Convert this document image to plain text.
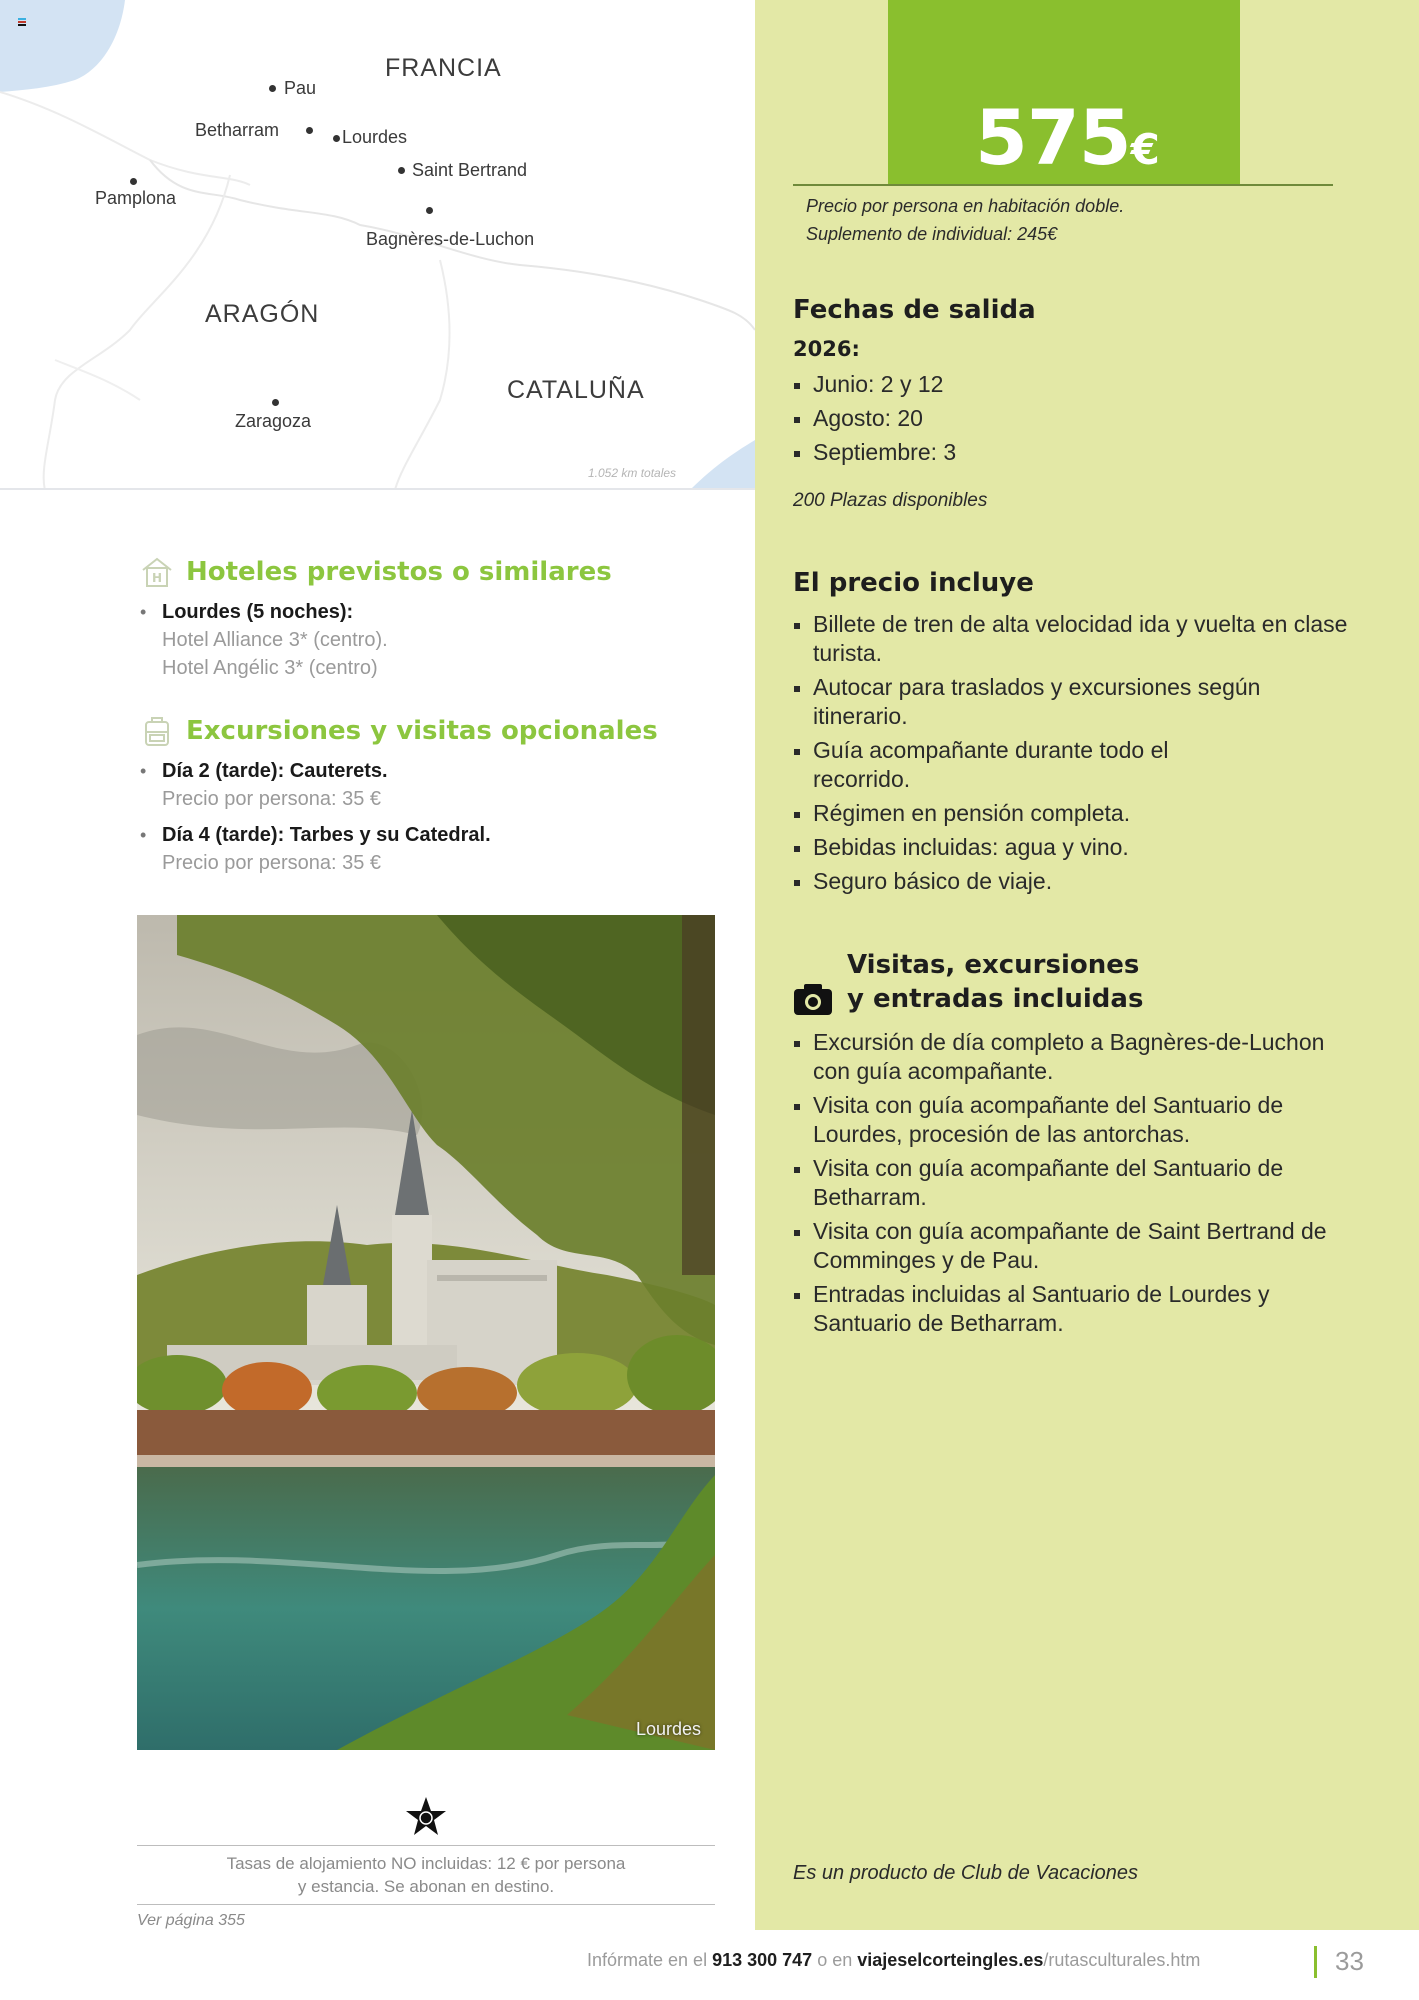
FRANCIA
ARAGÓN
CATALUÑA
Pau
Betharram	Lourdes
Saint Bertrand
Pamplona
Bagnères-de-Luchon
Zaragoza
1.052 km totales
575€
Precio por persona en habitación doble.
Suplemento de individual: 245€
Fechas de salida
2026:
Junio: 2 y 12
Agosto: 20
Septiembre: 3
200 Plazas disponibles
El precio incluye
Billete de tren de alta velocidad ida y vuelta en clase turista.
Autocar para traslados y excursiones según itinerario.
Guía acompañante durante todo el recorrido.
Régimen en pensión completa.
Bebidas incluidas: agua y vino.
Seguro básico de viaje.
Visitas, excursiones
y entradas incluidas
Excursión de día completo a Bagnères-de-Luchon con guía acompañante.
Visita con guía acompañante del Santuario de Lourdes, procesión de las antorchas.
Visita con guía acompañante del Santuario de Betharram.
Visita con guía acompañante de Saint Bertrand de Comminges y de Pau.
Entradas incluidas al Santuario de Lourdes y Santuario de Betharram.
Es un producto de Club de Vacaciones
H Hoteles previstos o similares
• Lourdes (5 noches):
Hotel Alliance 3* (centro).
Hotel Angélic 3* (centro)
Excursiones y visitas opcionales
• Día 2 (tarde): Cauterets.
Precio por persona: 35 €
• Día 4 (tarde): Tarbes y su Catedral.
Precio por persona: 35 €
Lourdes
Tasas de alojamiento NO incluidas: 12 € por persona
y estancia. Se abonan en destino.
Ver página 355
Infórmate en el 913 300 747 o en viajeselcorteingles.es/rutasculturales.htm	33
